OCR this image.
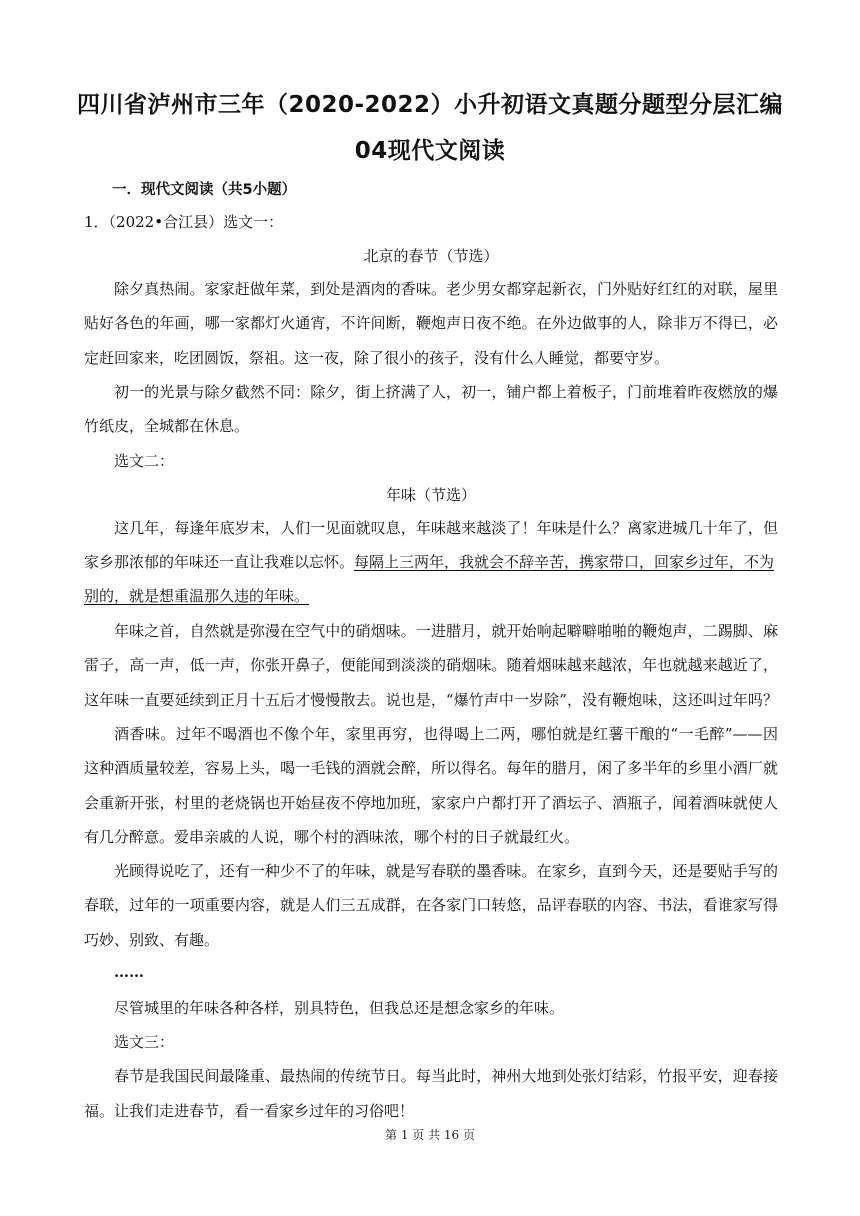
四川省泸州市三年（2020-2022）小升初语文真题分题型分层汇编
04现代文阅读
一．现代文阅读（共5小题）
1．（2022•合江县）选文一：
北京的春节（节选）
除夕真热闹。家家赶做年菜，到处是酒肉的香味。老少男女都穿起新衣，门外贴好红红的对联，屋里
贴好各色的年画，哪一家都灯火通宵，不许间断，鞭炮声日夜不绝。在外边做事的人，除非万不得已，必
定赶回家来，吃团圆饭，祭祖。这一夜，除了很小的孩子，没有什么人睡觉，都要守岁。
初一的光景与除夕截然不同：除夕，街上挤满了人，初一，铺户都上着板子，门前堆着昨夜燃放的爆
竹纸皮，全城都在休息。
选文二：
年味（节选）
这几年，每逢年底岁末，人们一见面就叹息，年味越来越淡了！年味是什么？离家进城几十年了，但
家乡那浓郁的年味还一直让我难以忘怀。每隔上三两年，我就会不辞辛苦，携家带口，回家乡过年，不为
别的，就是想重温那久违的年味。
年味之首，自然就是弥漫在空气中的硝烟味。一进腊月，就开始响起噼噼啪啪的鞭炮声，二踢脚、麻
雷子，高一声，低一声，你张开鼻子，便能闻到淡淡的硝烟味。随着烟味越来越浓，年也就越来越近了，
这年味一直要延续到正月十五后才慢慢散去。说也是，“爆竹声中一岁除”，没有鞭炮味，这还叫过年吗？
酒香味。过年不喝酒也不像个年，家里再穷，也得喝上二两，哪怕就是红薯干酿的“一毛醉”——因
这种酒质量较差，容易上头，喝一毛钱的酒就会醉，所以得名。每年的腊月，闲了多半年的乡里小酒厂就
会重新开张，村里的老烧锅也开始昼夜不停地加班，家家户户都打开了酒坛子、酒瓶子，闻着酒味就使人
有几分醉意。爱串亲戚的人说，哪个村的酒味浓，哪个村的日子就最红火。
光顾得说吃了，还有一种少不了的年味，就是写春联的墨香味。在家乡，直到今天，还是要贴手写的
春联，过年的一项重要内容，就是人们三五成群，在各家门口转悠，品评春联的内容、书法，看谁家写得
巧妙、别致、有趣。
……
尽管城里的年味各种各样，别具特色，但我总还是想念家乡的年味。
选文三：
春节是我国民间最隆重、最热闹的传统节日。每当此时，神州大地到处张灯结彩，竹报平安，迎春接
福。让我们走进春节，看一看家乡过年的习俗吧！
第 1 页 共 16 页
